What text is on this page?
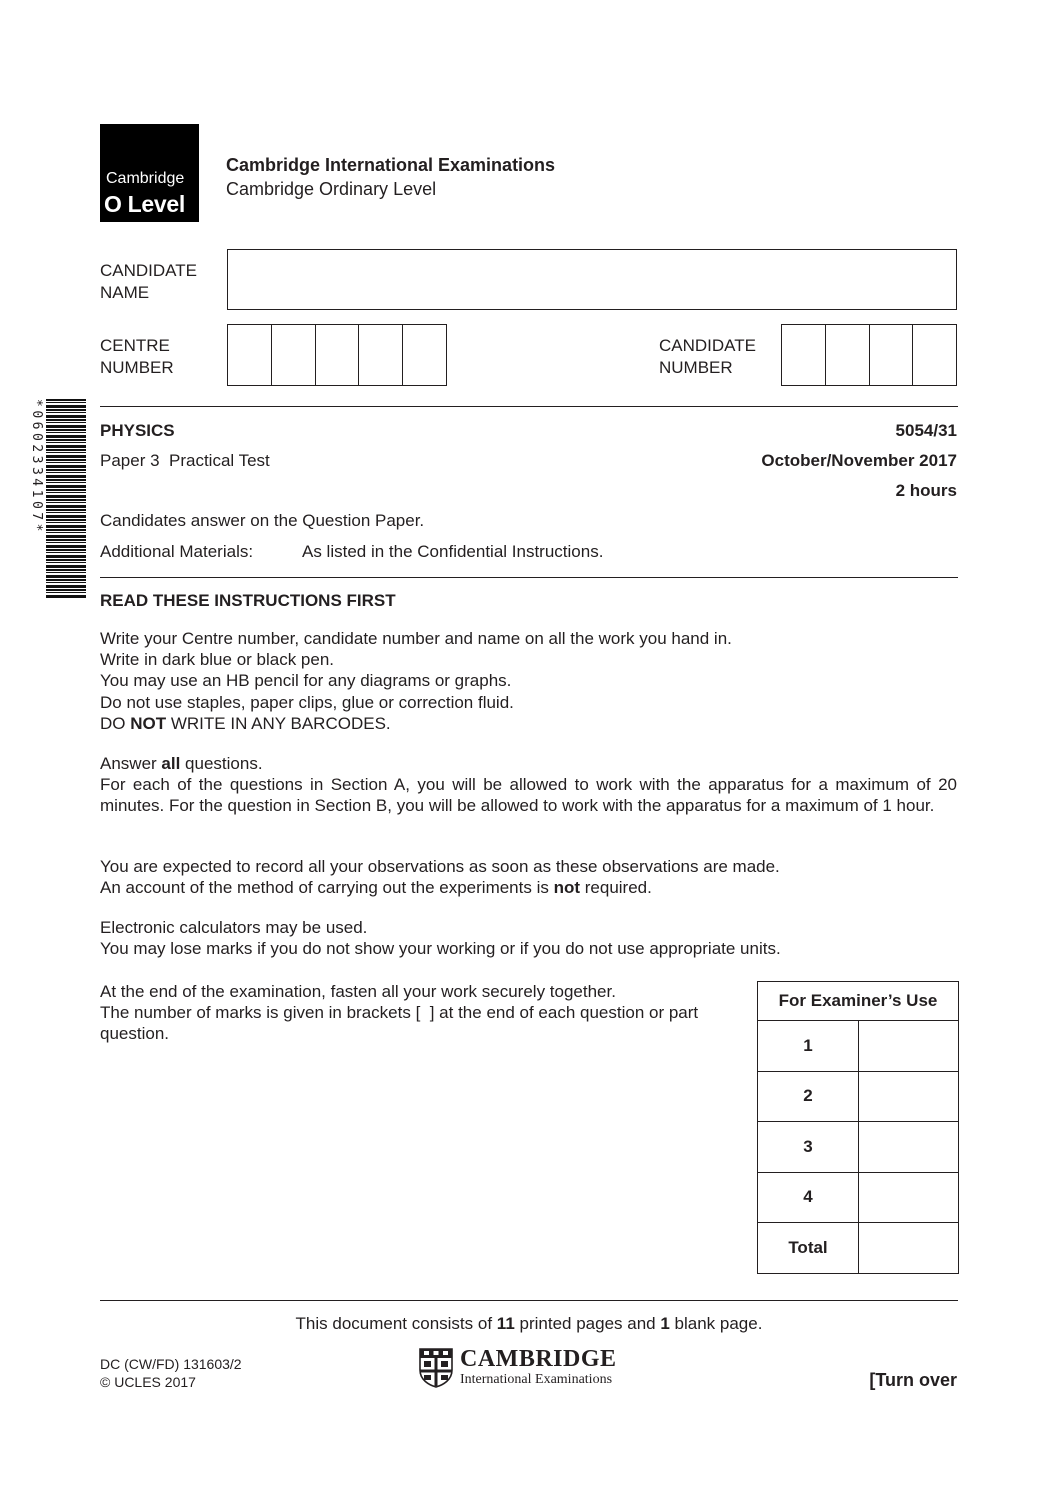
Cambridge
O Level
Cambridge International Examinations
Cambridge Ordinary Level
CANDIDATE
NAME
CENTRE
NUMBER
CANDIDATE
NUMBER
*0602334107*	PHYSICS	5054/31
Paper 3  Practical Test	October/November 2017
2 hours
Candidates answer on the Question Paper.
Additional Materials:	As listed in the Confidential Instructions.
READ THESE INSTRUCTIONS FIRST
Write your Centre number, candidate number and name on all the work you hand in.
Write in dark blue or black pen.
You may use an HB pencil for any diagrams or graphs.
Do not use staples, paper clips, glue or correction fluid.
DO NOT WRITE IN ANY BARCODES.
Answer all questions.
For each of the questions in Section A, you will be allowed to work with the apparatus for a maximum of 20 minutes. For the question in Section B, you will be allowed to work with the apparatus for a maximum of 1 hour.
You are expected to record all your observations as soon as these observations are made.
An account of the method of carrying out the experiments is not required.
Electronic calculators may be used.
You may lose marks if you do not show your working or if you do not use appropriate units.
At the end of the examination, fasten all your work securely together.
The number of marks is given in brackets [  ] at the end of each question or part question.
For Examiner’s Use	
1	
2	
3	
4	
Total	
This document consists of 11 printed pages and 1 blank page.
DC (CW/FD) 131603/2
© UCLES 2017
CAMBRIDGE
International Examinations	[Turn over
